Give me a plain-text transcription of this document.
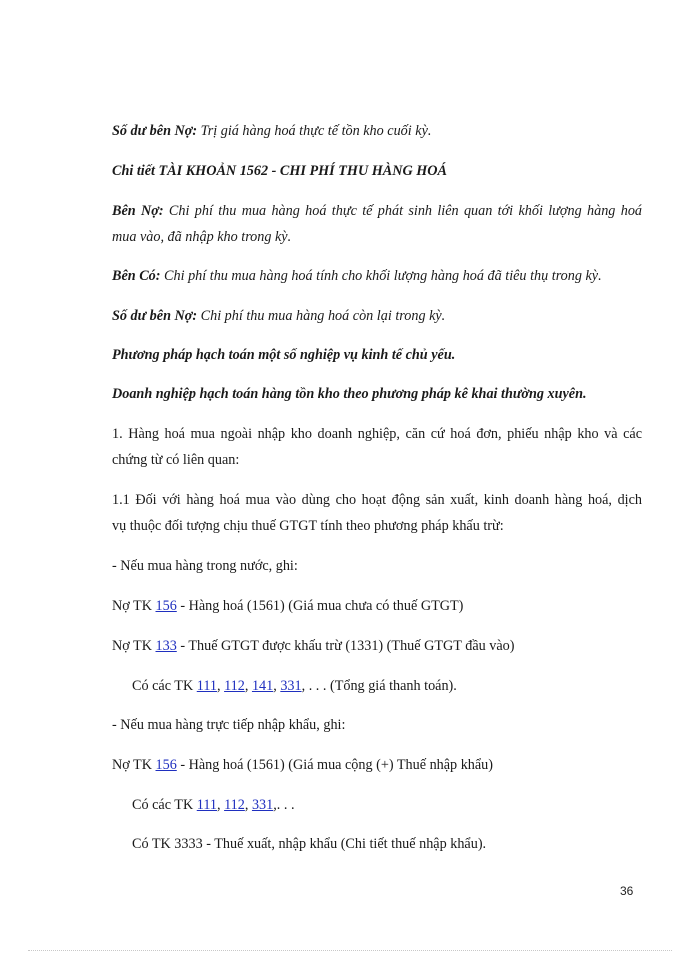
Số dư bên Nợ: Trị giá hàng hoá thực tế tồn kho cuối kỳ.
Chi tiết TÀI KHOẢN 1562 - CHI PHÍ THU HÀNG HOÁ
Bên Nợ: Chi phí thu mua hàng hoá thực tế phát sinh liên quan tới khối lượng hàng hoá
mua vào, đã nhập kho trong kỳ.
Bên Có: Chi phí thu mua hàng hoá tính cho khối lượng hàng hoá đã tiêu thụ trong kỳ.
Số dư bên Nợ: Chi phí thu mua hàng hoá còn lại trong kỳ.
Phương pháp hạch toán một số nghiệp vụ kinh tế chủ yếu.
Doanh nghiệp hạch toán hàng tồn kho theo phương pháp kê khai thường xuyên.
1. Hàng hoá mua ngoài nhập kho doanh nghiệp, căn cứ hoá đơn, phiếu nhập kho và các
chứng từ có liên quan:
1.1 Đối với hàng hoá mua vào dùng cho hoạt động sản xuất, kinh doanh hàng hoá, dịch
vụ thuộc đối tượng chịu thuế GTGT tính theo phương pháp khấu trừ:
- Nếu mua hàng trong nước, ghi:
Nợ TK 156 - Hàng hoá (1561) (Giá mua chưa có thuế GTGT)
Nợ TK 133 - Thuế GTGT được khấu trừ (1331) (Thuế GTGT đầu vào)
Có các TK 111, 112, 141, 331, . . . (Tổng giá thanh toán).
- Nếu mua hàng trực tiếp nhập khẩu, ghi:
Nợ TK 156 - Hàng hoá (1561) (Giá mua cộng (+) Thuế nhập khẩu)
Có các TK 111, 112, 331,. . .
Có TK 3333 - Thuế xuất, nhập khẩu (Chi tiết thuế nhập khẩu).
36
